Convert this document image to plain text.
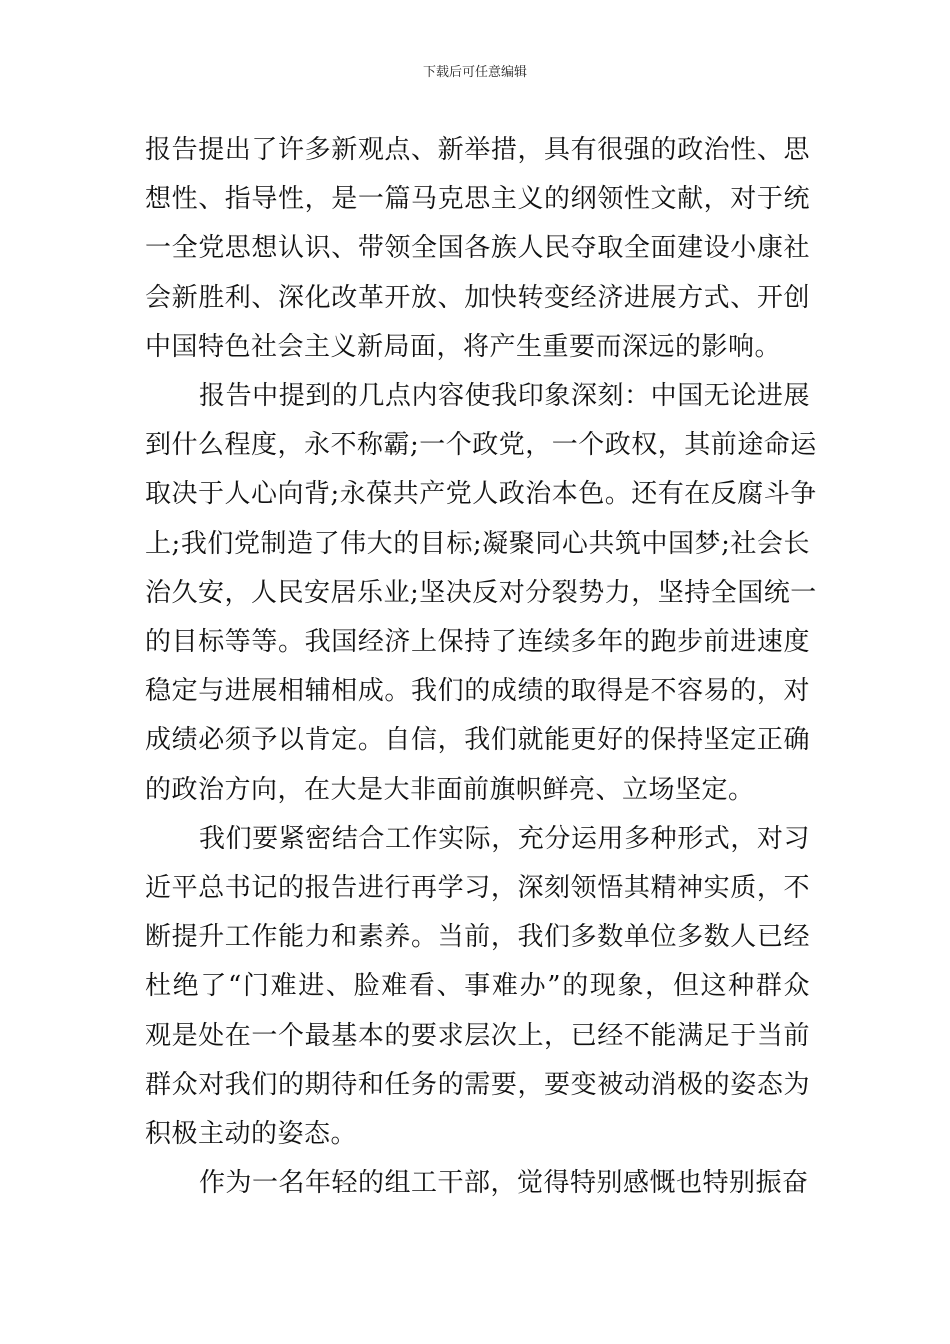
下载后可任意编辑

报告提出了许多新观点、新举措，具有很强的政治性、思
想性、指导性，是一篇马克思主义的纲领性文献，对于统
一全党思想认识、带领全国各族人民夺取全面建设小康社
会新胜利、深化改革开放、加快转变经济进展方式、开创
中国特色社会主义新局面，将产生重要而深远的影响。

报告中提到的几点内容使我印象深刻：中国无论进展
到什么程度，永不称霸;一个政党，一个政权，其前途命运
取决于人心向背;永葆共产党人政治本色。还有在反腐斗争
上;我们党制造了伟大的目标;凝聚同心共筑中国梦;社会长
治久安，人民安居乐业;坚决反对分裂势力，坚持全国统一
的目标等等。我国经济上保持了连续多年的跑步前进速度
稳定与进展相辅相成。我们的成绩的取得是不容易的，对
成绩必须予以肯定。自信，我们就能更好的保持坚定正确
的政治方向，在大是大非面前旗帜鲜亮、立场坚定。

我们要紧密结合工作实际，充分运用多种形式，对习
近平总书记的报告进行再学习，深刻领悟其精神实质，不
断提升工作能力和素养。当前，我们多数单位多数人已经
杜绝了“门难进、脸难看、事难办”的现象，但这种群众
观是处在一个最基本的要求层次上，已经不能满足于当前
群众对我们的期待和任务的需要，要变被动消极的姿态为
积极主动的姿态。

作为一名年轻的组工干部，觉得特别感慨也特别振奋
